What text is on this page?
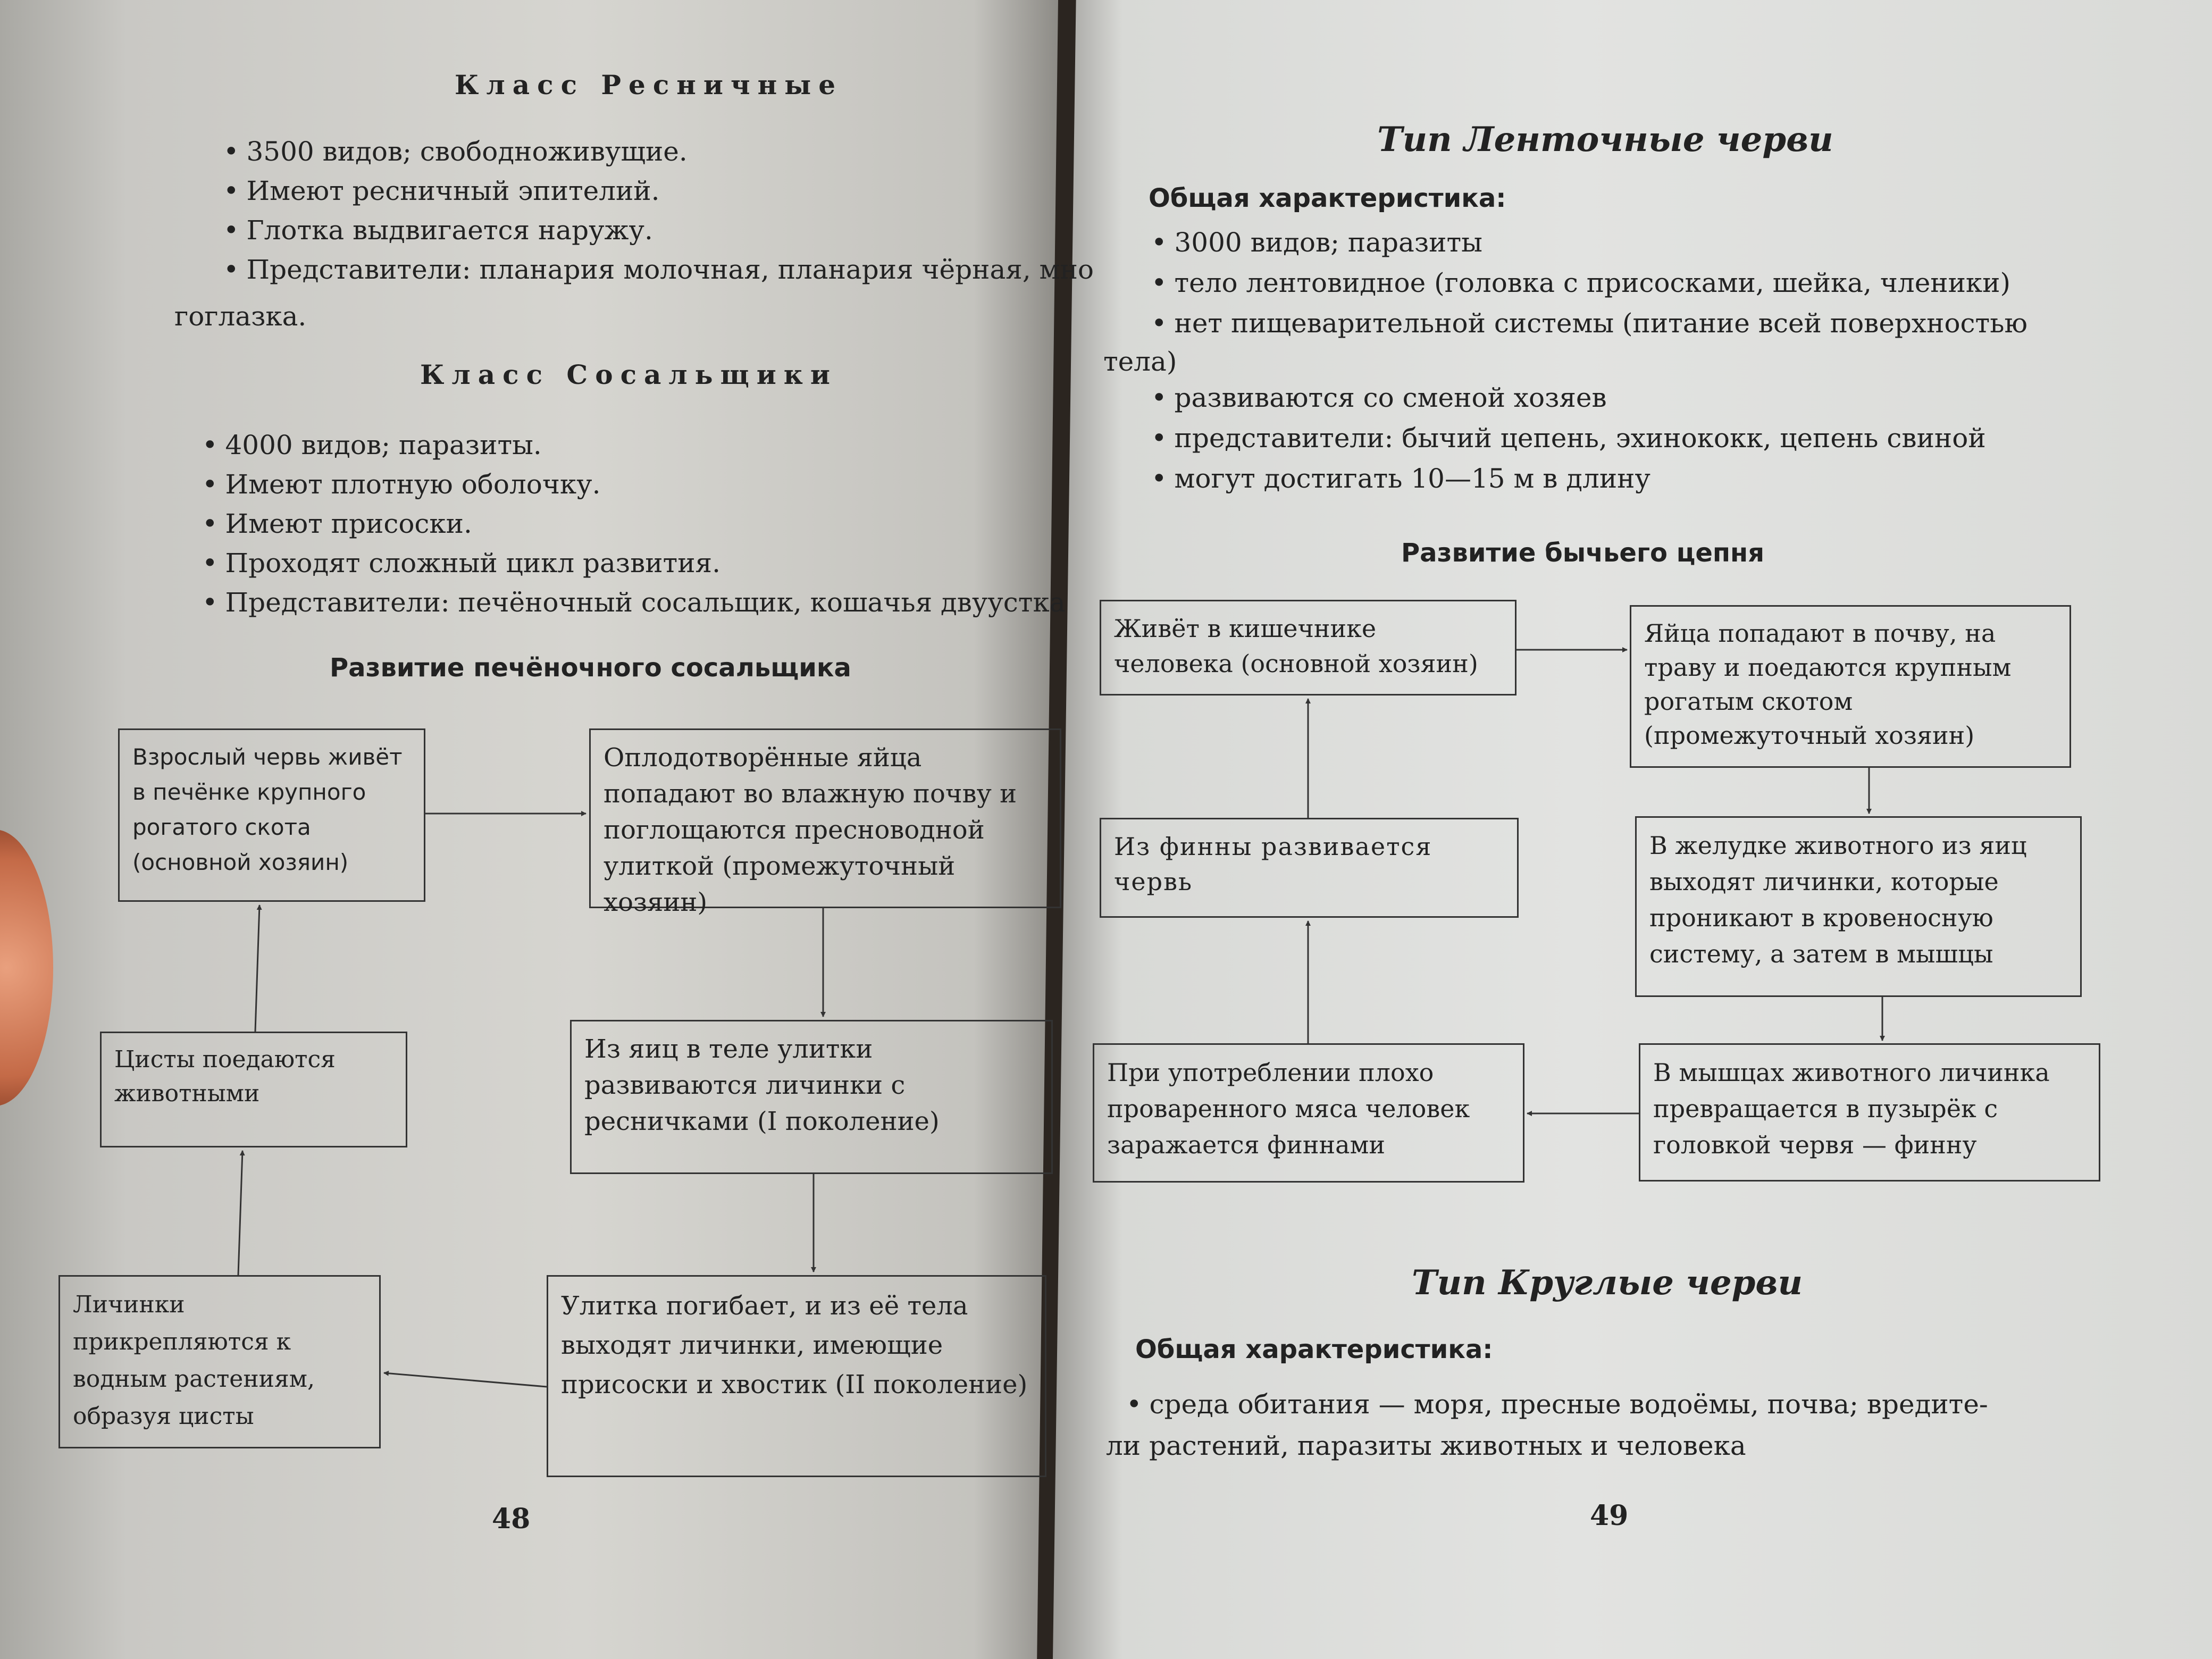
Класс Ресничные
• 3500 видов; свободноживущие.
• Имеют ресничный эпителий.
• Глотка выдвигается наружу.
• Представители: планария молочная, планария чёрная, мно
гоглазка.
Класс Сосальщики
• 4000 видов; паразиты.
• Имеют плотную оболочку.
• Имеют присоски.
• Проходят сложный цикл развития.
• Представители: печёночный сосальщик, кошачья двуустка
Развитие печёночного сосальщика
Взрослый червь живёт в печёнке крупного рогатого скота (основной хозяин)
Оплодотворённые яйца попадают во влажную почву и поглощаются пресноводной улиткой (промежуточный хозяин)
Из яиц в теле улитки развиваются личинки с ресничками (I поколение)
Улитка погибает, и из её тела выходят личинки, имеющие присоски и хвостик (II поколение)
Личинки прикрепляются к водным растениям, образуя цисты
Цисты поедаются животными
48
Тип Ленточные черви
Общая характеристика:
• 3000 видов; паразиты
• тело лентовидное (головка с присосками, шейка, членики)
• нет пищеварительной системы (питание всей поверхностью
тела)
• развиваются со сменой хозяев
• представители: бычий цепень, эхинококк, цепень свиной
• могут достигать 10—15 м в длину
Развитие бычьего цепня
Живёт в кишечнике человека (основной хозяин)
Яйца попадают в почву, на траву и поедаются крупным рогатым скотом (промежуточный хозяин)
В желудке животного из яиц выходят личинки, которые проникают в кровеносную систему, а затем в мышцы
В мышцах животного личинка превращается в пузырёк с головкой червя — финну
При употреблении плохо проваренного мяса человек заражается финнами
Из финны развивается червь
Тип Круглые черви
Общая характеристика:
• среда обитания — моря, пресные водоёмы, почва; вредите-
ли растений, паразиты животных и человека
49
